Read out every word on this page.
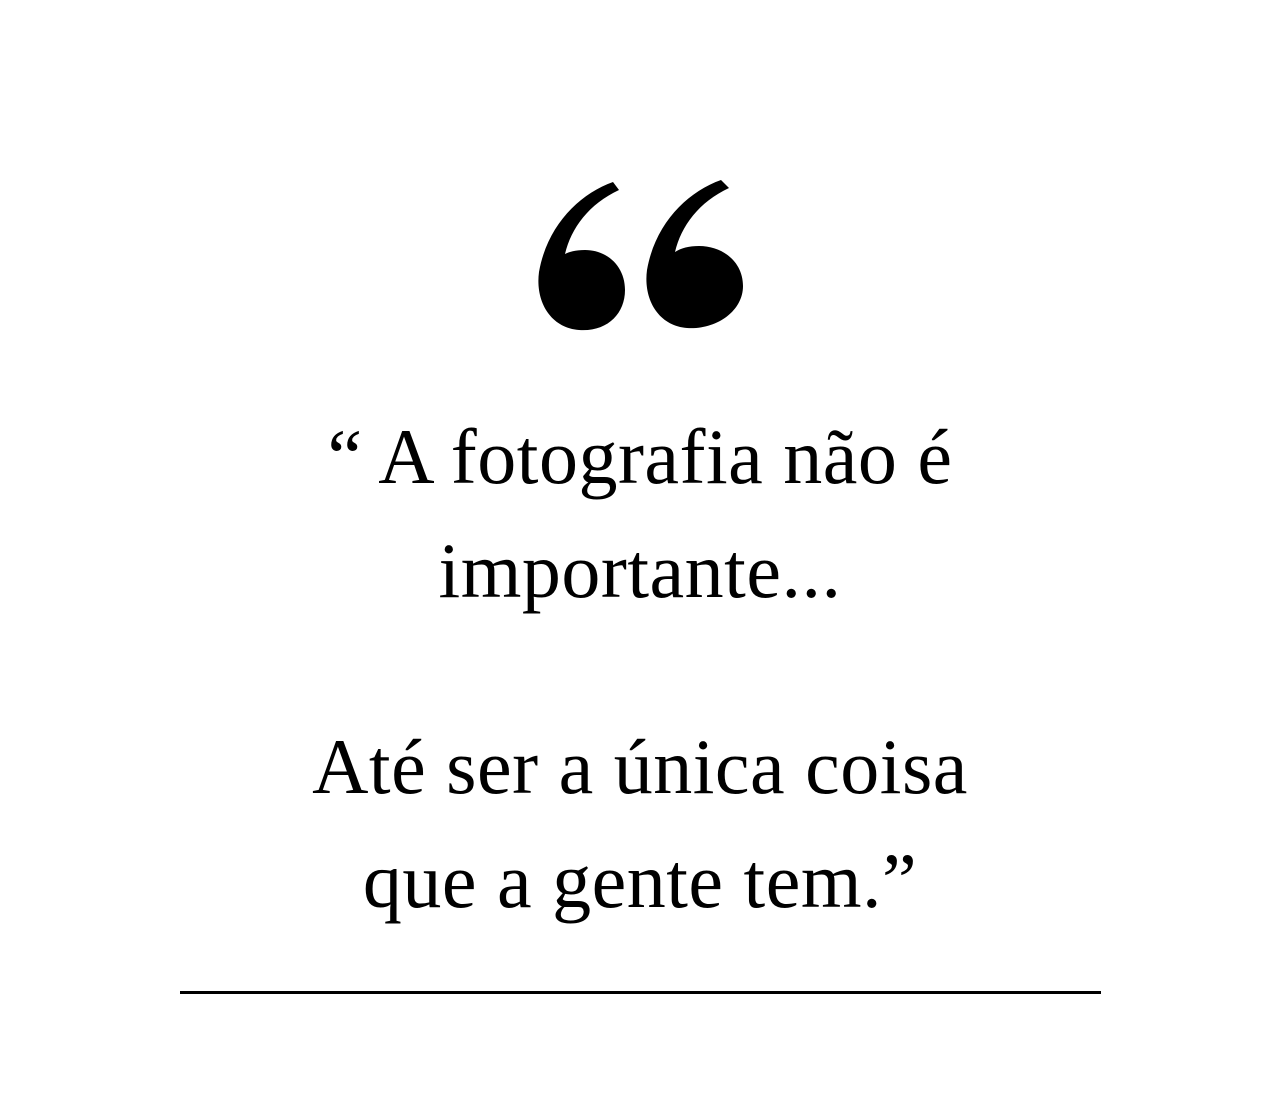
“ A fotografia não é
importante...
Até ser a única coisa
que a gente tem.”
